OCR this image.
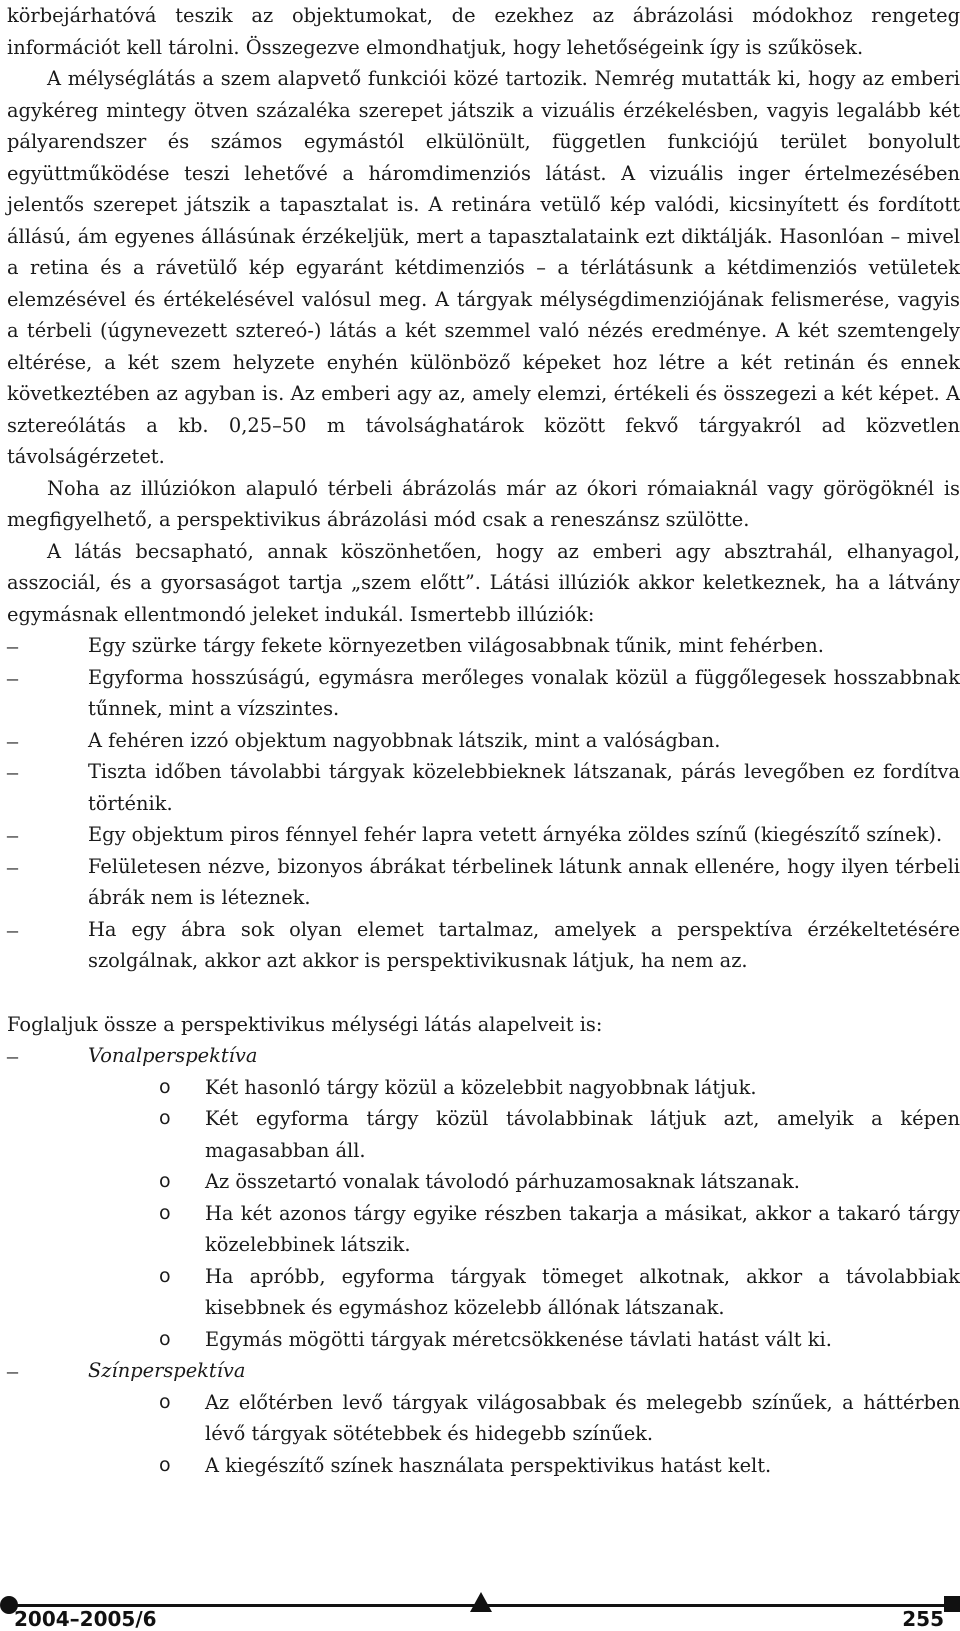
körbejárhatóvá teszik az objektumokat, de ezekhez az ábrázolási módokhoz rengeteg információt kell tárolni. Összegezve elmondhatjuk, hogy lehetőségeink így is szűkösek.

A mélységlátás a szem alapvető funkciói közé tartozik. Nemrég mutatták ki, hogy az emberi agykéreg mintegy ötven százaléka szerepet játszik a vizuális érzékelésben, vagyis legalább két pályarendszer és számos egymástól elkülönült, független funkciójú terület bonyolult együttműködése teszi lehetővé a háromdimenziós látást. A vizuális inger értelmezésében jelentős szerepet játszik a tapasztalat is. A retinára vetülő kép valódi, kicsinyített és fordított állású, ám egyenes állásúnak érzékeljük, mert a tapasztalataink ezt diktálják. Hasonlóan – mivel a retina és a rávetülő kép egyaránt kétdimenziós – a térlátásunk a kétdimenziós vetületek elemzésével és értékelésével valósul meg. A tárgyak mélységdimenziójának felismerése, vagyis a térbeli (úgynevezett sztereó-) látás a két szemmel való nézés eredménye. A két szemtengely eltérése, a két szem helyzete enyhén különböző képeket hoz létre a két retinán és ennek következtében az agyban is. Az emberi agy az, amely elemzi, értékeli és összegezi a két képet. A sztereólátás a kb. 0,25–50 m távolsághatárok között fekvő tárgyakról ad közvetlen távolságérzetet.

Noha az illúziókon alapuló térbeli ábrázolás már az ókori rómaiaknál vagy görögöknél is megfigyelhető, a perspektivikus ábrázolási mód csak a reneszánsz szülötte.

A látás becsapható, annak köszönhetően, hogy az emberi agy absztrahál, elhanyagol, asszociál, és a gyorsaságot tartja „szem előtt”. Látási illúziók akkor keletkeznek, ha a látvány egymásnak ellentmondó jeleket indukál. Ismertebb illúziók:

– Egy szürke tárgy fekete környezetben világosabbnak tűnik, mint fehérben.
– Egyforma hosszúságú, egymásra merőleges vonalak közül a függőlegesek hosszabbnak tűnnek, mint a vízszintes.
– A fehéren izzó objektum nagyobbnak látszik, mint a valóságban.
– Tiszta időben távolabbi tárgyak közelebbieknek látszanak, párás levegőben ez fordítva történik.
– Egy objektum piros fénnyel fehér lapra vetett árnyéka zöldes színű (kiegészítő színek).
– Felületesen nézve, bizonyos ábrákat térbelinek látunk annak ellenére, hogy ilyen térbeli ábrák nem is léteznek.
– Ha egy ábra sok olyan elemet tartalmaz, amelyek a perspektíva érzékeltetésére szolgálnak, akkor azt akkor is perspektivikusnak látjuk, ha nem az.

Foglaljuk össze a perspektivikus mélységi látás alapelveit is:

– Vonalperspektíva
o Két hasonló tárgy közül a közelebbit nagyobbnak látjuk.
o Két egyforma tárgy közül távolabbinak látjuk azt, amelyik a képen magasabban áll.
o Az összetartó vonalak távolodó párhuzamosaknak látszanak.
o Ha két azonos tárgy egyike részben takarja a másikat, akkor a takaró tárgy közelebbinek látszik.
o Ha apróbb, egyforma tárgyak tömeget alkotnak, akkor a távolabbiak kisebbnek és egymáshoz közelebb állónak látszanak.
o Egymás mögötti tárgyak méretcsökkenése távlati hatást vált ki.
– Színperspektíva
o Az előtérben levő tárgyak világosabbak és melegebb színűek, a háttérben lévő tárgyak sötétebbek és hidegebb színűek.
o A kiegészítő színek használata perspektivikus hatást kelt.
2004–2005/6	255
